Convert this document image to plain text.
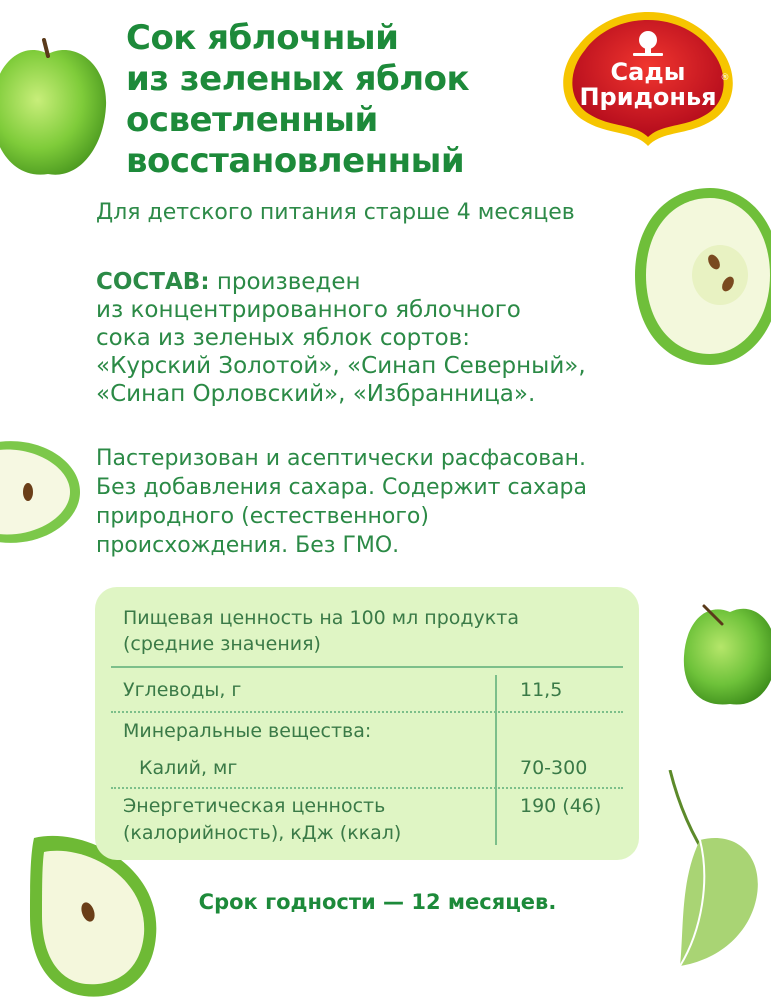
Сады
Придонья
®
Сок яблочный
из зеленых яблок
осветленный
восстановленный
Для детского питания старше 4 месяцев
СОСТАВ: произведен
из концентрированного яблочного
сока из зеленых яблок сортов:
«Курский Золотой», «Синап Северный»,
«Синап Орловский», «Избранница».
Пастеризован и асептически расфасован.
Без добавления сахара. Содержит сахара
природного (естественного)
происхождения. Без ГМО.
Пищевая ценность на 100 мл продукта
(средние значения)
Углеводы, г	11,5
Минеральные вещества:
Калий, мг	70-300
Энергетическая ценность	190 (46)
(калорийность), кДж (ккал)
Срок годности — 12 месяцев.
